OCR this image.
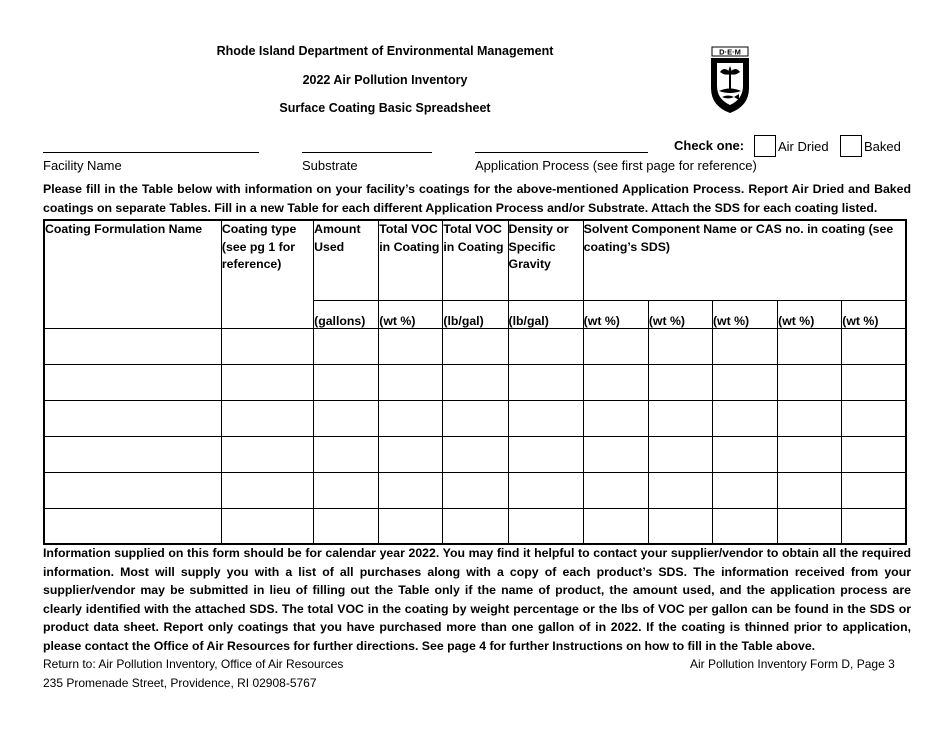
Rhode Island Department of Environmental Management
2022 Air Pollution Inventory
Surface Coating Basic Spreadsheet
D·E·M
Check one:	Air Dried	Baked
Facility Name	Substrate	Application Process (see first page for reference)
Please fill in the Table below with information on your facility’s coatings for the above-mentioned Application Process. Report Air Dried and Baked coatings on separate Tables. Fill in a new Table for each different Application Process and/or Substrate. Attach the SDS for each coating listed.
Coating Formulation Name	Coating type (see pg 1 for reference)	Amount Used	Total VOC in Coating	Total VOC in Coating	Density or Specific Gravity	Solvent Component Name or CAS no. in coating (see coating’s SDS)				
		(gallons)	(wt %)	(lb/gal)	(lb/gal)	(wt %)	(wt %)	(wt %)	(wt %)	(wt %)

Information supplied on this form should be for calendar year 2022. You may find it helpful to contact your supplier/vendor to obtain all the required information. Most will supply you with a list of all purchases along with a copy of each product’s SDS. The information received from your supplier/vendor may be submitted in lieu of filling out the Table only if the name of product, the amount used, and the application process are clearly identified with the attached SDS. The total VOC in the coating by weight percentage or the lbs of VOC per gallon can be found in the SDS or product data sheet. Report only coatings that you have purchased more than one gallon of in 2022. If the coating is thinned prior to application, please contact the Office of Air Resources for further directions. See page 4 for further Instructions on how to fill in the Table above.
Return to: Air Pollution Inventory, Office of Air Resources
235 Promenade Street, Providence, RI 02908-5767
Air Pollution Inventory Form D, Page 3
